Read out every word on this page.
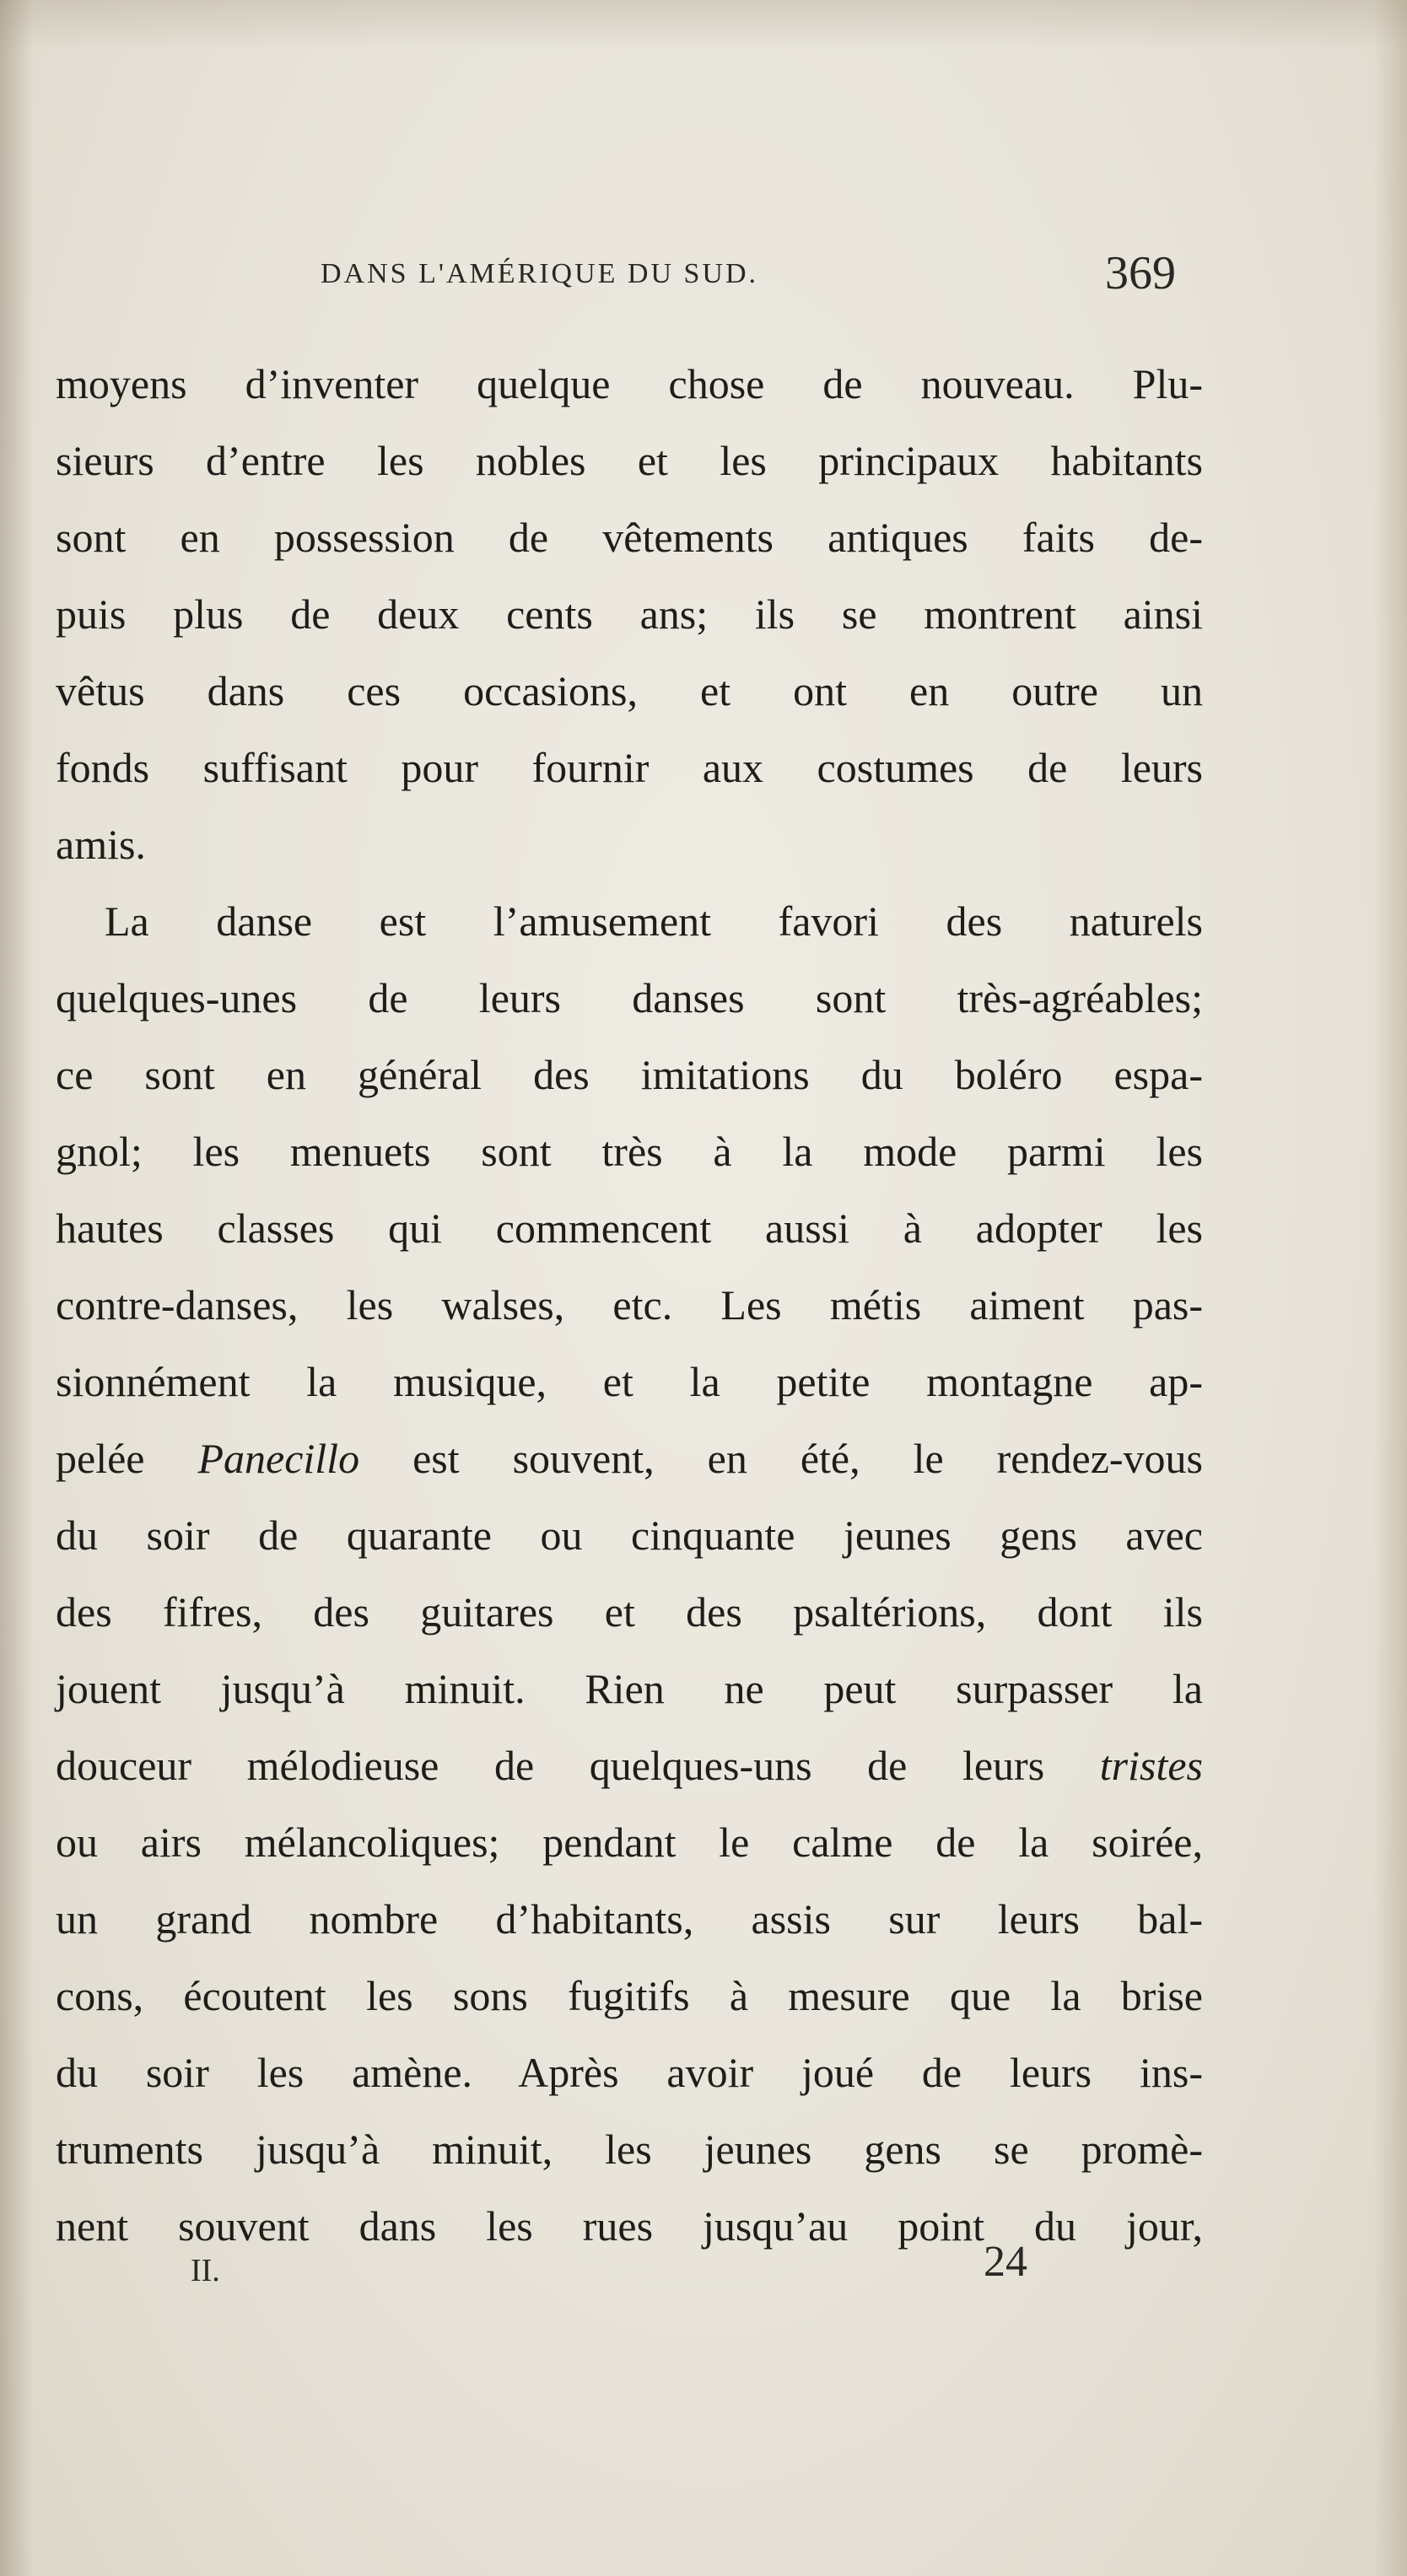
DANS L'AMÉRIQUE DU SUD.	369
moyens d’inventer quelque chose de nouveau. Plu-
sieurs d’entre les nobles et les principaux habitants
sont en possession de vêtements antiques faits de-
puis plus de deux cents ans; ils se montrent ainsi
vêtus dans ces occasions, et ont en outre un
fonds suffisant pour fournir aux costumes de leurs
amis.
La danse est l’amusement favori des naturels
quelques-unes de leurs danses sont très-agréables;
ce sont en général des imitations du boléro espa-
gnol; les menuets sont très à la mode parmi les
hautes classes qui commencent aussi à adopter les
contre-danses, les walses, etc. Les métis aiment pas-
sionnément la musique, et la petite montagne ap-
pelée Panecillo est souvent, en été, le rendez-vous
du soir de quarante ou cinquante jeunes gens avec
des fifres, des guitares et des psaltérions, dont ils
jouent jusqu’à minuit. Rien ne peut surpasser la
douceur mélodieuse de quelques-uns de leurs tristes
ou airs mélancoliques; pendant le calme de la soirée,
un grand nombre d’habitants, assis sur leurs bal-
cons, écoutent les sons fugitifs à mesure que la brise
du soir les amène. Après avoir joué de leurs ins-
truments jusqu’à minuit, les jeunes gens se promè-
nent souvent dans les rues jusqu’au point du jour,
II.	24
